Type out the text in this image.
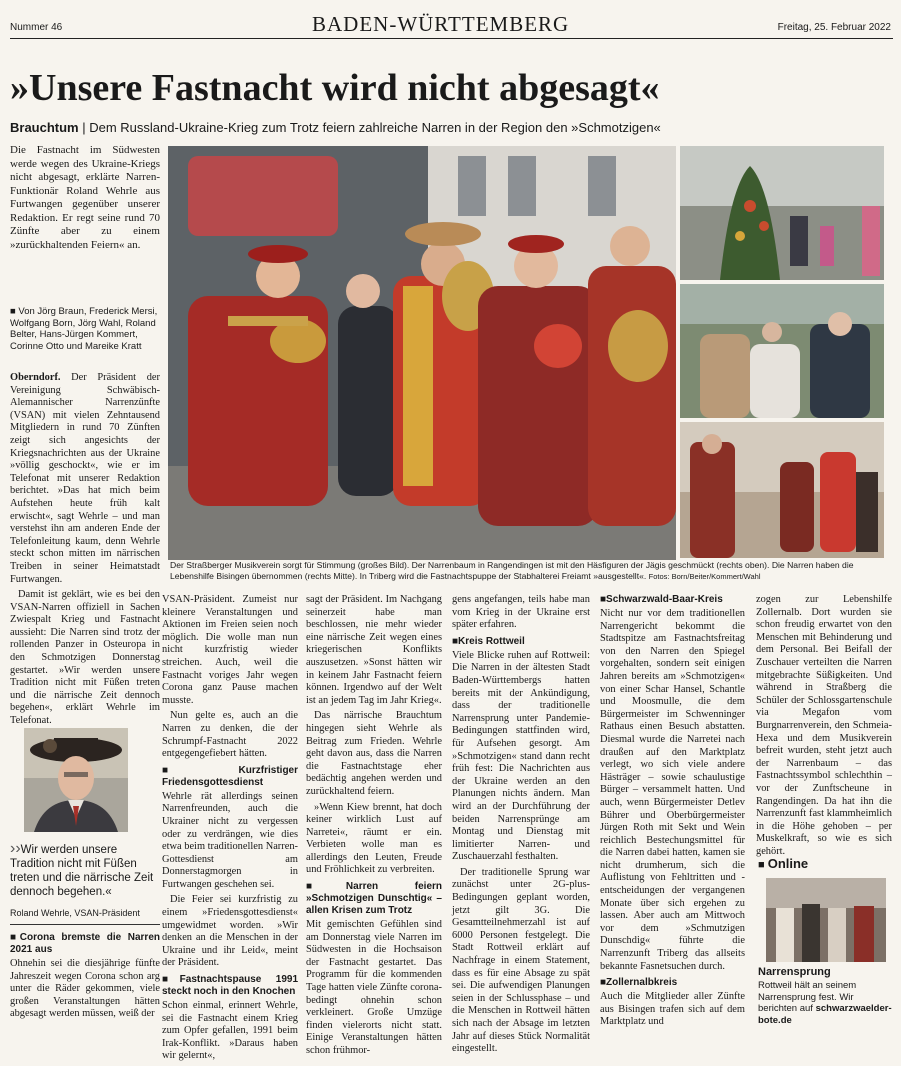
Nummer 46	BADEN-WÜRTTEMBERG	Freitag, 25. Februar 2022
»Unsere Fastnacht wird nicht abgesagt«
Brauchtum | Dem Russland-Ukraine-Krieg zum Trotz feiern zahlreiche Narren in der Region den »Schmotzigen«
Die Fastnacht im Südwesten werde wegen des Ukraine-Kriegs nicht abgesagt, erklärte Narren-Funktionär Roland Wehrle aus Furtwangen gegenüber unserer Redaktion. Er regt seine rund 70 Zünfte aber zu einem »zurückhaltenden Feiern« an.
■ Von Jörg Braun, Frederick Mersi, Wolfgang Born, Jörg Wahl, Roland Belter, Hans-Jürgen Kommert, Corinne Otto und Mareike Kratt

Oberndorf. Der Präsident der Vereinigung Schwäbisch-Alemannischer Narrenzünfte (VSAN) mit vielen Zehntausend Mitgliedern in rund 70 Zünften zeigt sich angesichts der Kriegsnachrichten aus der Ukraine »völlig geschockt«, wie er im Telefonat mit unserer Redaktion berichtet. »Das hat mich beim Aufstehen heute früh kalt erwischt«, sagt Wehrle – und man verstehst ihn am anderen Ende der Telefonleitung kaum, denn Wehrle steckt schon mitten im närrischen Treiben in seiner Heimatstadt Furtwangen.

Damit ist geklärt, wie es bei den VSAN-Narren offiziell in Sachen Zwiespalt Krieg und Fastnacht aussieht: Die Narren sind trotz der rollenden Panzer in Osteuropa in den Schmotzigen Donnerstag gestartet. »Wir werden unsere Tradition nicht mit Füßen treten und die närrische Zeit dennoch begehen«, erklärt Wehrle im Telefonat.

››Wir werden unsere Tradition nicht mit Füßen treten und die närrische Zeit dennoch begehen.«
Roland Wehrle, VSAN-Präsident
■ Corona bremste die Narren 2021 aus

Ohnehin sei die diesjährige fünfte Jahreszeit wegen Corona schon arg unter die Räder gekommen, viele großen Veranstaltungen hätten abgesagt werden müssen, weiß der

Der Straßberger Musikverein sorgt für Stimmung (großes Bild). Der Narrenbaum in Rangendingen ist mit den Häsfiguren der Jägis geschmückt (rechts oben). Die Narren haben die Lebenshilfe Bisingen übernommen (rechts Mitte). In Triberg wird die Fastnachtspuppe der Stabhalterei Freiamt »ausgestellt«. Fotos: Born/Beiter/Kommert/Wahl

VSAN-Präsident. Zumeist nur kleinere Veranstaltungen und Aktionen im Freien seien noch möglich. Die wolle man nun nicht kurzfristig wieder streichen. Auch, weil die Fastnacht voriges Jahr wegen Corona ganz Pause machen musste.

Nun gelte es, auch an die Narren zu denken, die der Schrumpf-Fastnacht 2022 entgegengefiebert hätten.

■ Kurzfristiger Friedensgottesdienst

Wehrle rät allerdings seinen Narrenfreunden, auch die Ukrainer nicht zu vergessen oder zu verdrängen, wie dies etwa beim traditionellen Narren-Gottesdienst am Donnerstagmorgen in Furtwangen geschehen sei.

Die Feier sei kurzfristig zu einem »Friedensgottesdienst« umgewidmet worden. »Wir denken an die Menschen in der Ukraine und ihr Leid«, meint der Präsident.

■ Fastnachtspause 1991 steckt noch in den Knochen

Schon einmal, erinnert Wehrle, sei die Fastnacht einem Krieg zum Opfer gefallen, 1991 beim Irak-Konflikt. »Daraus haben wir gelernt«,

sagt der Präsident. Im Nachgang seinerzeit habe man beschlossen, nie mehr wieder eine närrische Zeit wegen eines kriegerischen Konflikts auszusetzen. »Sonst hätten wir in keinem Jahr Fastnacht feiern können. Irgendwo auf der Welt ist an jedem Tag im Jahr Krieg«.

Das närrische Brauchtum hingegen sieht Wehrle als Beitrag zum Frieden. Wehrle geht davon aus, dass die Narren die Fastnachtstage eher bedächtig angehen werden und zurückhaltend feiern.

»Wenn Kiew brennt, hat doch keiner wirklich Lust auf Narretei«, räumt er ein. Verbieten wolle man es allerdings den Leuten, Freude und Fröhlichkeit zu verbreiten.

■ Narren feiern »Schmotzigen Dunschtig« – allen Krisen zum Trotz

Mit gemischten Gefühlen sind am Donnerstag viele Narren im Südwesten in die Hochsaison der Fastnacht gestartet. Das Programm für die kommenden Tage hatten viele Zünfte corona-bedingt ohnehin schon verkleinert. Große Umzüge finden vielerorts nicht statt. Einige Veranstaltungen hätten schon frühmor-

gens angefangen, teils habe man vom Krieg in der Ukraine erst später erfahren.

■ Kreis Rottweil

Viele Blicke ruhen auf Rottweil: Die Narren in der ältesten Stadt Baden-Württembergs hatten bereits mit der Ankündigung, dass der traditionelle Narrensprung unter Pandemie-Bedingungen stattfinden wird, für Aufsehen gesorgt. Am »Schmotzigen« stand dann recht früh fest: Die Nachrichten aus der Ukraine werden an den Planungen nichts ändern. Man wird an der Durchführung der beiden Narrensprünge am Montag und Dienstag mit limitierter Narren- und Zuschauerzahl festhalten.

Der traditionelle Sprung war zunächst unter 2G-plus-Bedingungen geplant worden, jetzt gilt 3G. Die Gesamtteilnehmerzahl ist auf 6000 Personen festgelegt. Die Stadt Rottweil erklärt auf Nachfrage in einem Statement, dass es für eine Absage zu spät sei. Die aufwendigen Planungen seien in der Schlussphase – und die Menschen in Rottweil hätten sich nach der Absage im letzten Jahr auf dieses Stück Normalität eingestellt.

■ Schwarzwald-Baar-Kreis

Nicht nur vor dem traditionellen Narrengericht bekommt die Stadtspitze am Fastnachtsfreitag von den Narren den Spiegel vorgehalten, sondern seit einigen Jahren bereits am »Schmotzigen« von einer Schar Hansel, Schantle und Moosmulle, die dem Bürgermeister im Schwenninger Rathaus einen Besuch abstatten. Diesmal wurde die Narretei nach draußen auf den Marktplatz verlegt, wo sich viele andere Hästräger – sowie schaulustige Bürger – versammelt hatten. Und auch, wenn Bürgermeister Detlev Bührer und Oberbürgermeister Jürgen Roth mit Sekt und Wein reichlich Bestechungsmittel für die Narren dabei hatten, kamen sie nicht drumherum, sich die Auflistung von Fehltritten und -entscheidungen der vergangenen Monate über sich ergehen zu lassen. Aber auch am Mittwoch vor dem »Schmutzigen Dunschdig« führte die Narrenzunft Triberg das allseits bekannte Fasnetsuchen durch.

■ Zollernalbkreis

Auch die Mitglieder aller Zünfte aus Bisingen trafen sich auf dem Marktplatz und

zogen zur Lebenshilfe Zollernalb. Dort wurden sie schon freudig erwartet von den Menschen mit Behinderung und dem Personal. Bei Beifall der Zuschauer verteilten die Narren mitgebrachte Süßigkeiten. Und während in Straßberg die Schüler der Schlossgartenschule via Megafon vom Burgnarrenverein, den Schmeia-Hexa und dem Musikverein befreit wurden, steht jetzt auch der Narrenbaum – das Fastnachtssymbol schlechthin – vor der Zunftscheune in Rangendingen. Da hat ihn die Narrenzunft fast klammheimlich in die Höhe gehoben – per Muskelkraft, so wie es sich gehört.

■ Online
Narrensprung
Rottweil hält an seinem Narrensprung fest. Wir berichten auf schwarzwaelder-bote.de
